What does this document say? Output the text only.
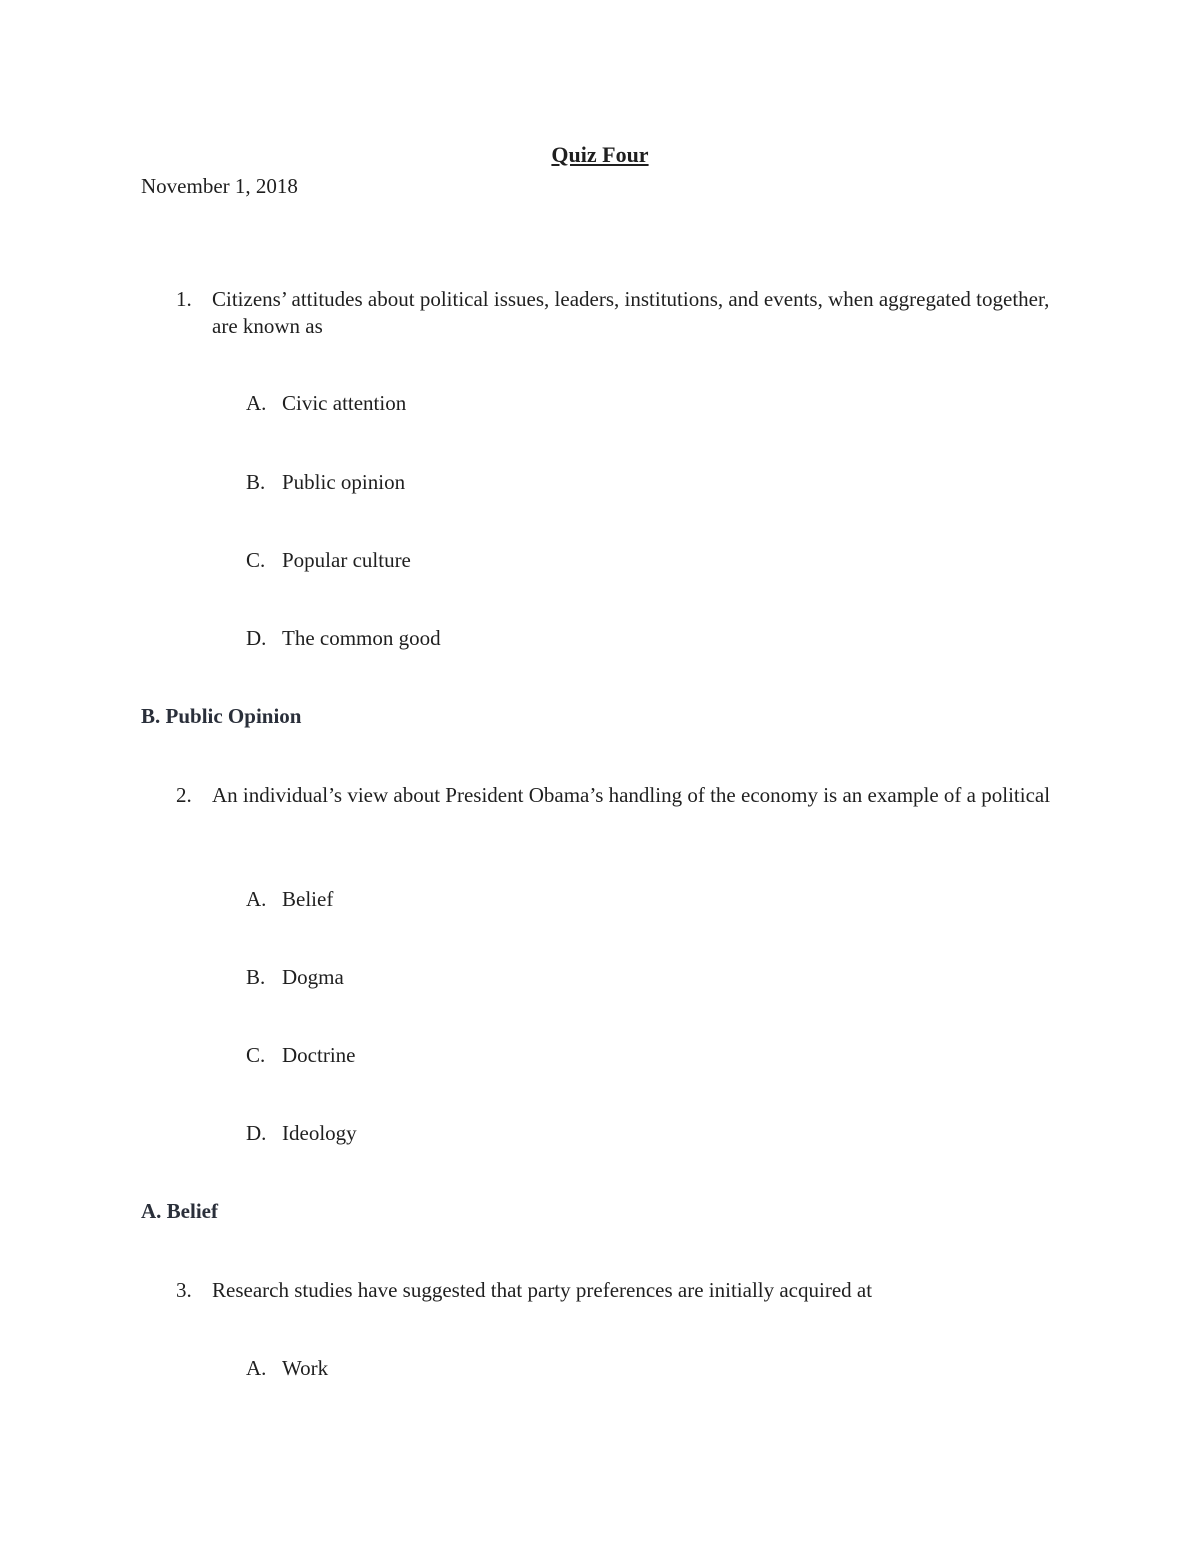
Quiz Four
November 1, 2018
1. Citizens’ attitudes about political issues, leaders, institutions, and events, when aggregated together, are known as
A. Civic attention
B. Public opinion
C. Popular culture
D. The common good
B. Public Opinion
2. An individual’s view about President Obama’s handling of the economy is an example of a political
A. Belief
B. Dogma
C. Doctrine
D. Ideology
A. Belief
3. Research studies have suggested that party preferences are initially acquired at
A. Work
